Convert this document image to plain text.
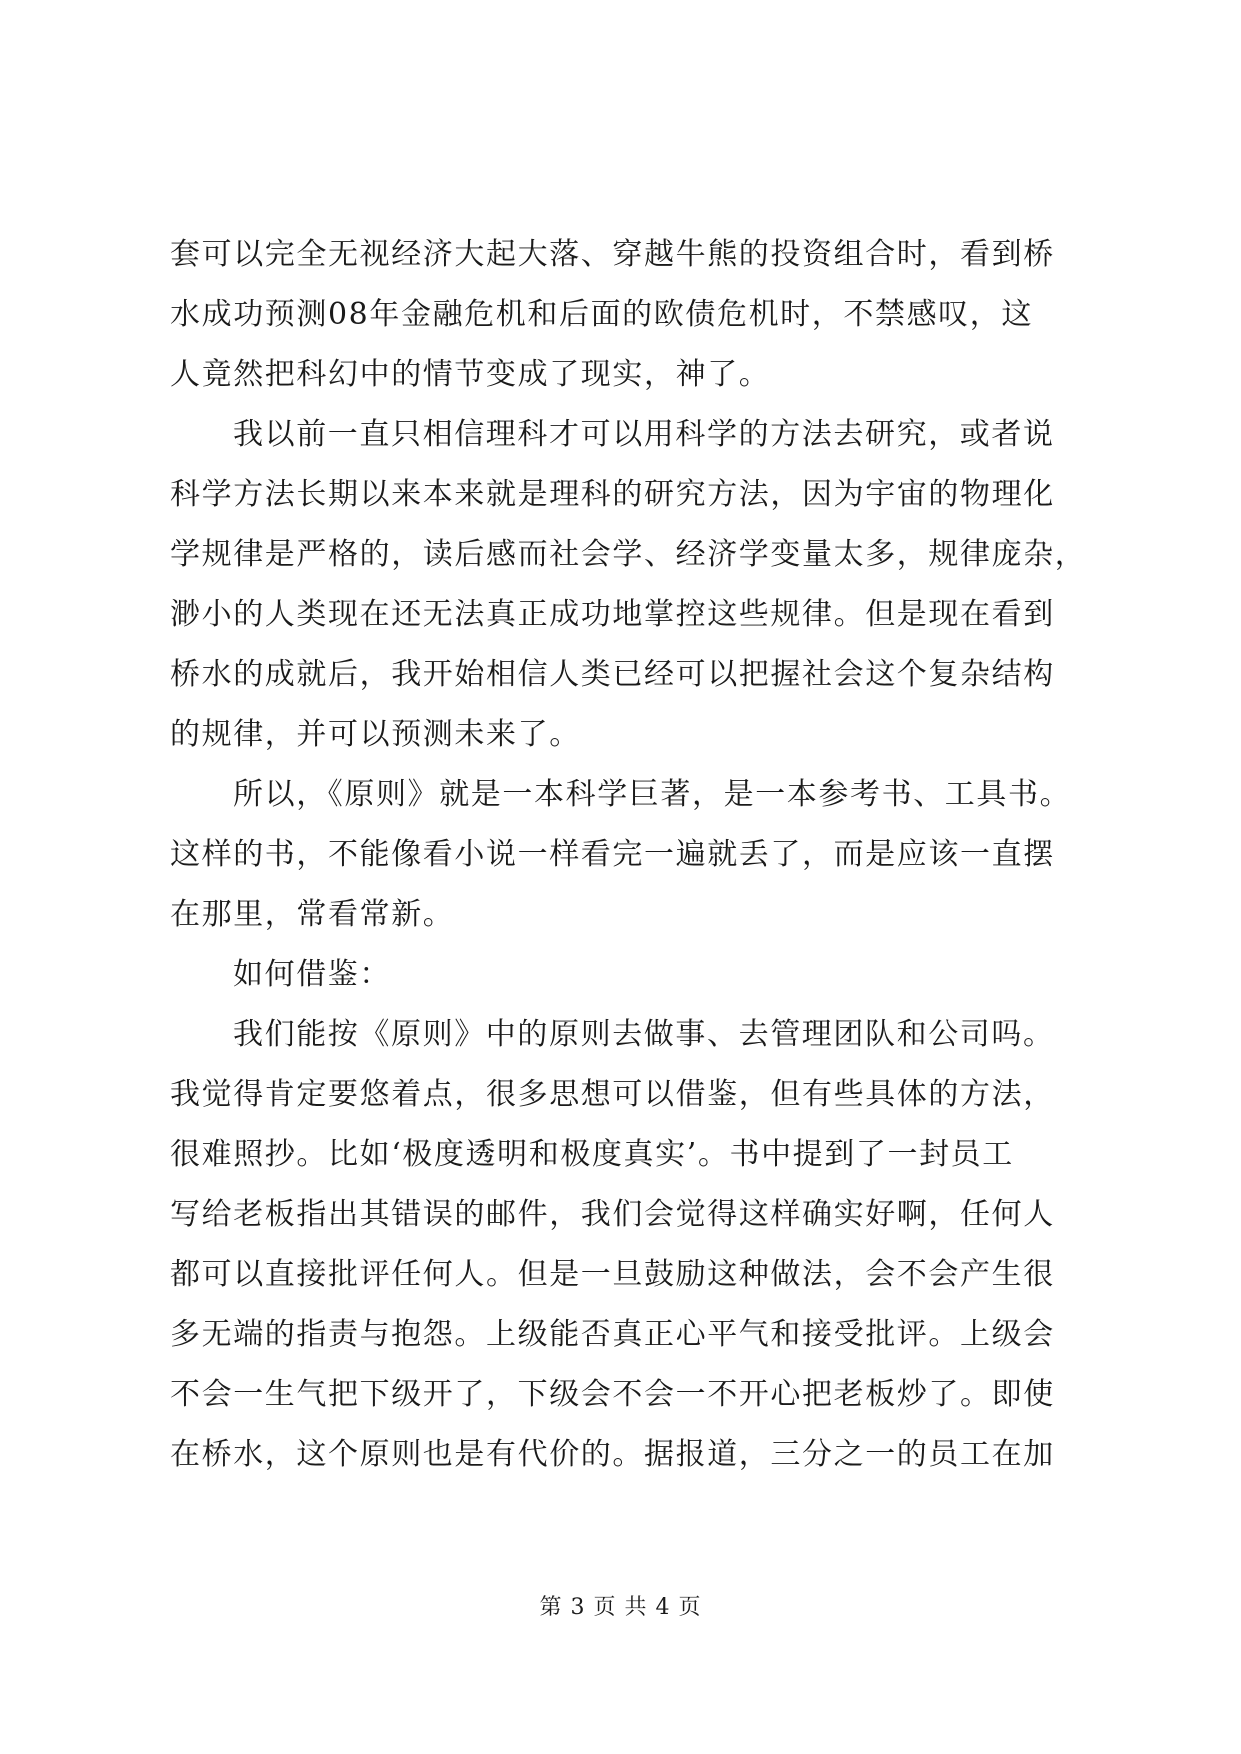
套可以完全无视经济大起大落、穿越牛熊的投资组合时，看到桥
水成功预测08年金融危机和后面的欧债危机时，不禁感叹，这
人竟然把科幻中的情节变成了现实，神了。
我以前一直只相信理科才可以用科学的方法去研究，或者说
科学方法长期以来本来就是理科的研究方法，因为宇宙的物理化
学规律是严格的，读后感而社会学、经济学变量太多，规律庞杂，
渺小的人类现在还无法真正成功地掌控这些规律。但是现在看到
桥水的成就后，我开始相信人类已经可以把握社会这个复杂结构
的规律，并可以预测未来了。
所以，《原则》就是一本科学巨著，是一本参考书、工具书。
这样的书，不能像看小说一样看完一遍就丢了，而是应该一直摆
在那里，常看常新。
如何借鉴：
我们能按《原则》中的原则去做事、去管理团队和公司吗。
我觉得肯定要悠着点，很多思想可以借鉴，但有些具体的方法，
很难照抄。比如‘极度透明和极度真实’。书中提到了一封员工
写给老板指出其错误的邮件，我们会觉得这样确实好啊，任何人
都可以直接批评任何人。但是一旦鼓励这种做法，会不会产生很
多无端的指责与抱怨。上级能否真正心平气和接受批评。上级会
不会一生气把下级开了，下级会不会一不开心把老板炒了。即使
在桥水，这个原则也是有代价的。据报道，三分之一的员工在加
第 3 页 共 4 页
